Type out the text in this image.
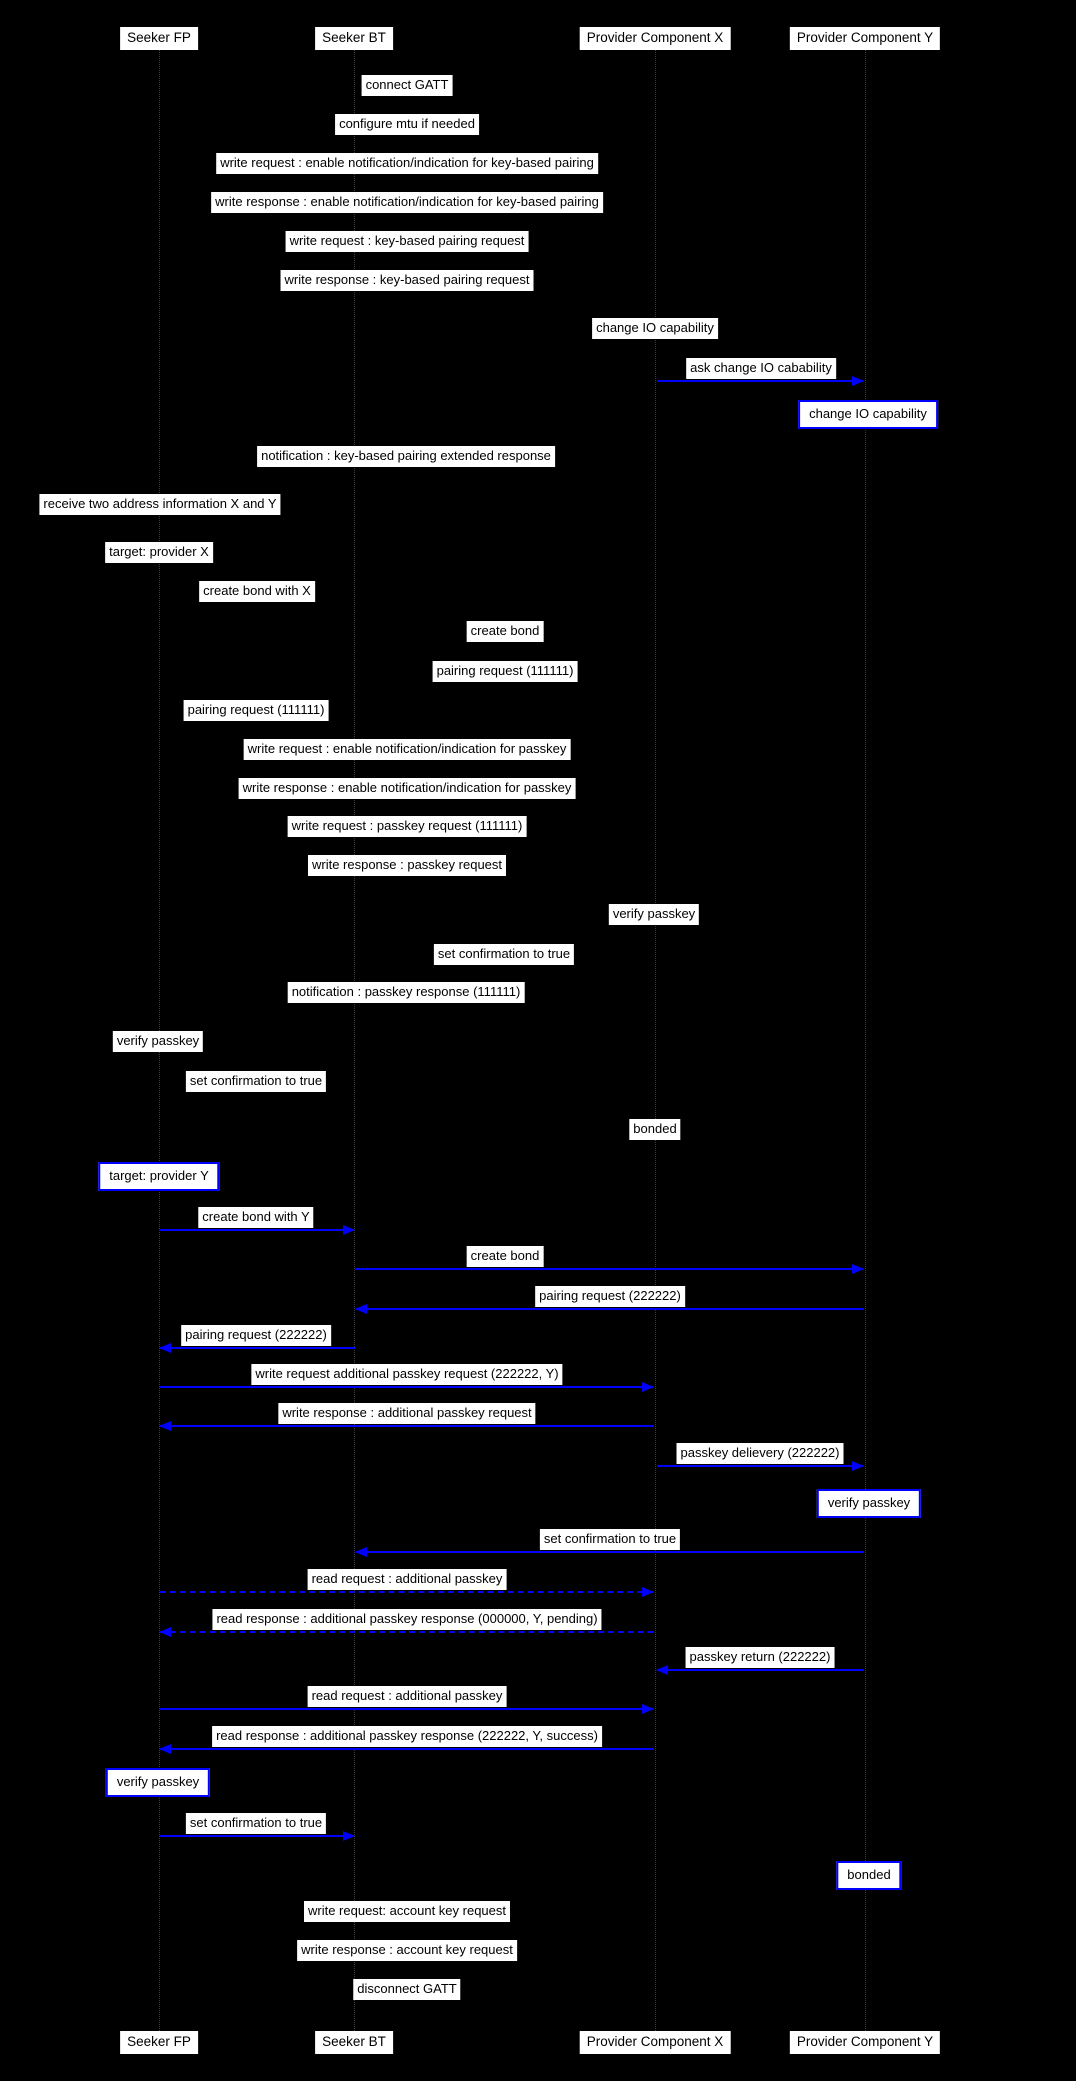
Seeker FP	Seeker BT	Provider Component X	Provider Component Y
Seeker FP	Seeker BT	Provider Component X	Provider Component Y
connect GATT
configure mtu if needed
write request : enable notification/indication for key-based pairing
write response : enable notification/indication for key-based pairing
write request : key-based pairing request
write response : key-based pairing request
change IO capability
ask change IO cabability
change IO capability
notification : key-based pairing extended response
receive two address information X and Y
target: provider X
create bond with X
create bond
pairing request (111111)
pairing request (111111)
write request : enable notification/indication for passkey
write response : enable notification/indication for passkey
write request : passkey request (111111)
write response : passkey request
verify passkey
set confirmation to true
notification : passkey response (111111)
verify passkey
set confirmation to true
bonded
target: provider Y
create bond with Y
create bond
pairing request (222222)
pairing request (222222)
write request additional passkey request (222222, Y)
write response : additional passkey request
passkey delievery (222222)
verify passkey
set confirmation to true
read request : additional passkey
read response : additional passkey response (000000, Y, pending)
passkey return (222222)
read request : additional passkey
read response : additional passkey response (222222, Y, success)
verify passkey
set confirmation to true
bonded
write request: account key request
write response : account key request
disconnect GATT
